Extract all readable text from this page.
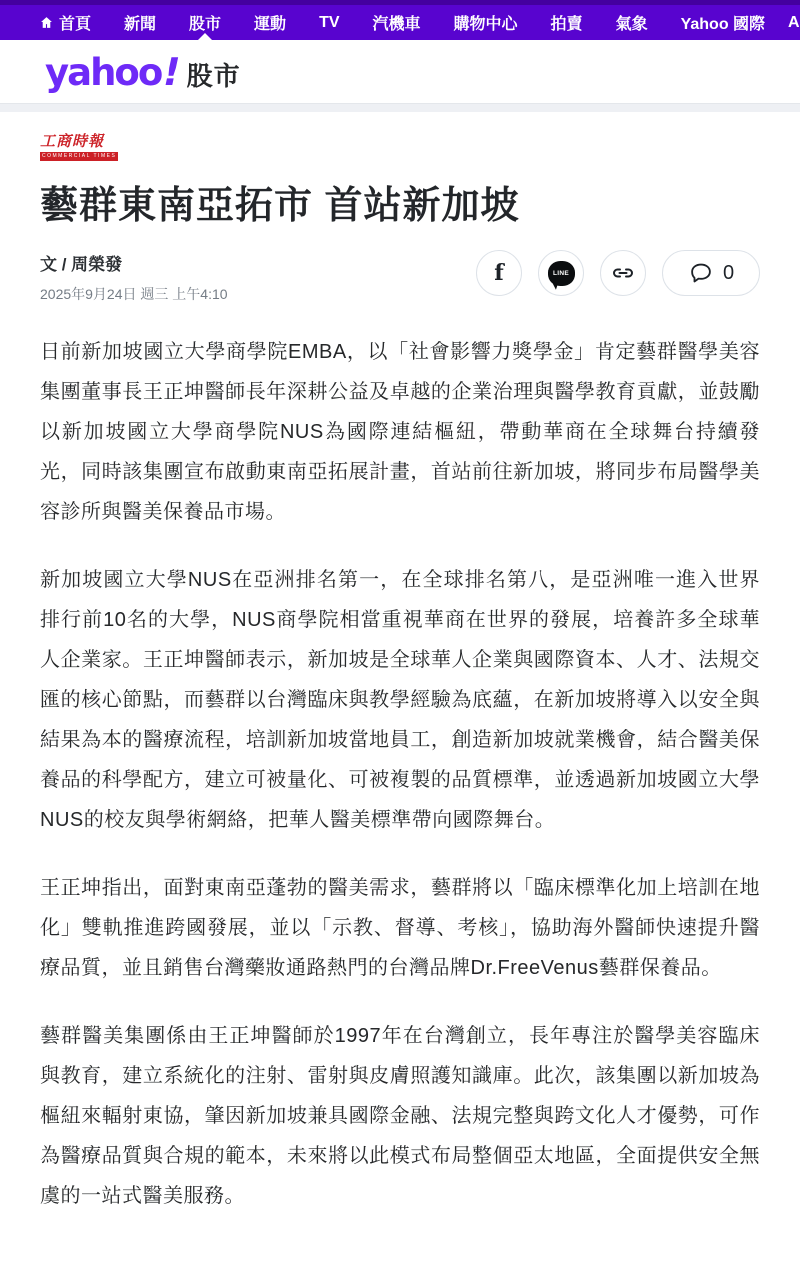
首頁 新聞 股市 運動 TV 汽機車 購物中心 拍賣 氣象 Yahoo 國際 A
yahoo
! 股市
工商時報
COMMERCIAL TIMES
藝群東南亞拓市 首站新加坡
文 / 周榮發
2025年9月24日 週三 上午4:10
f	LINE	0

日前新加坡國立大學商學院EMBA，以「社會影響力獎學金」肯定藝群醫學美容集團董事長王正坤醫師長年深耕公益及卓越的企業治理與醫學教育貢獻，並鼓勵以新加坡國立大學商學院NUS為國際連結樞紐，帶動華商在全球舞台持續發光，同時該集團宣布啟動東南亞拓展計畫，首站前往新加坡，將同步布局醫學美容診所與醫美保養品市場。

新加坡國立大學NUS在亞洲排名第一，在全球排名第八，是亞洲唯一進入世界排行前10名的大學，NUS商學院相當重視華商在世界的發展，培養許多全球華人企業家。王正坤醫師表示，新加坡是全球華人企業與國際資本、人才、法規交匯的核心節點，而藝群以台灣臨床與教學經驗為底蘊，在新加坡將導入以安全與結果為本的醫療流程，培訓新加坡當地員工，創造新加坡就業機會，結合醫美保養品的科學配方，建立可被量化、可被複製的品質標準，並透過新加坡國立大學NUS的校友與學術網絡，把華人醫美標準帶向國際舞台。

王正坤指出，面對東南亞蓬勃的醫美需求，藝群將以「臨床標準化加上培訓在地化」雙軌推進跨國發展，並以「示教、督導、考核」，協助海外醫師快速提升醫療品質，並且銷售台灣藥妝通路熱門的台灣品牌Dr.FreeVenus藝群保養品。

藝群醫美集團係由王正坤醫師於1997年在台灣創立，長年專注於醫學美容臨床與教育，建立系統化的注射、雷射與皮膚照護知識庫。此次，該集團以新加坡為樞紐來輻射東協，肇因新加坡兼具國際金融、法規完整與跨文化人才優勢，可作為醫療品質與合規的範本，未來將以此模式布局整個亞太地區，全面提供安全無虞的一站式醫美服務。
